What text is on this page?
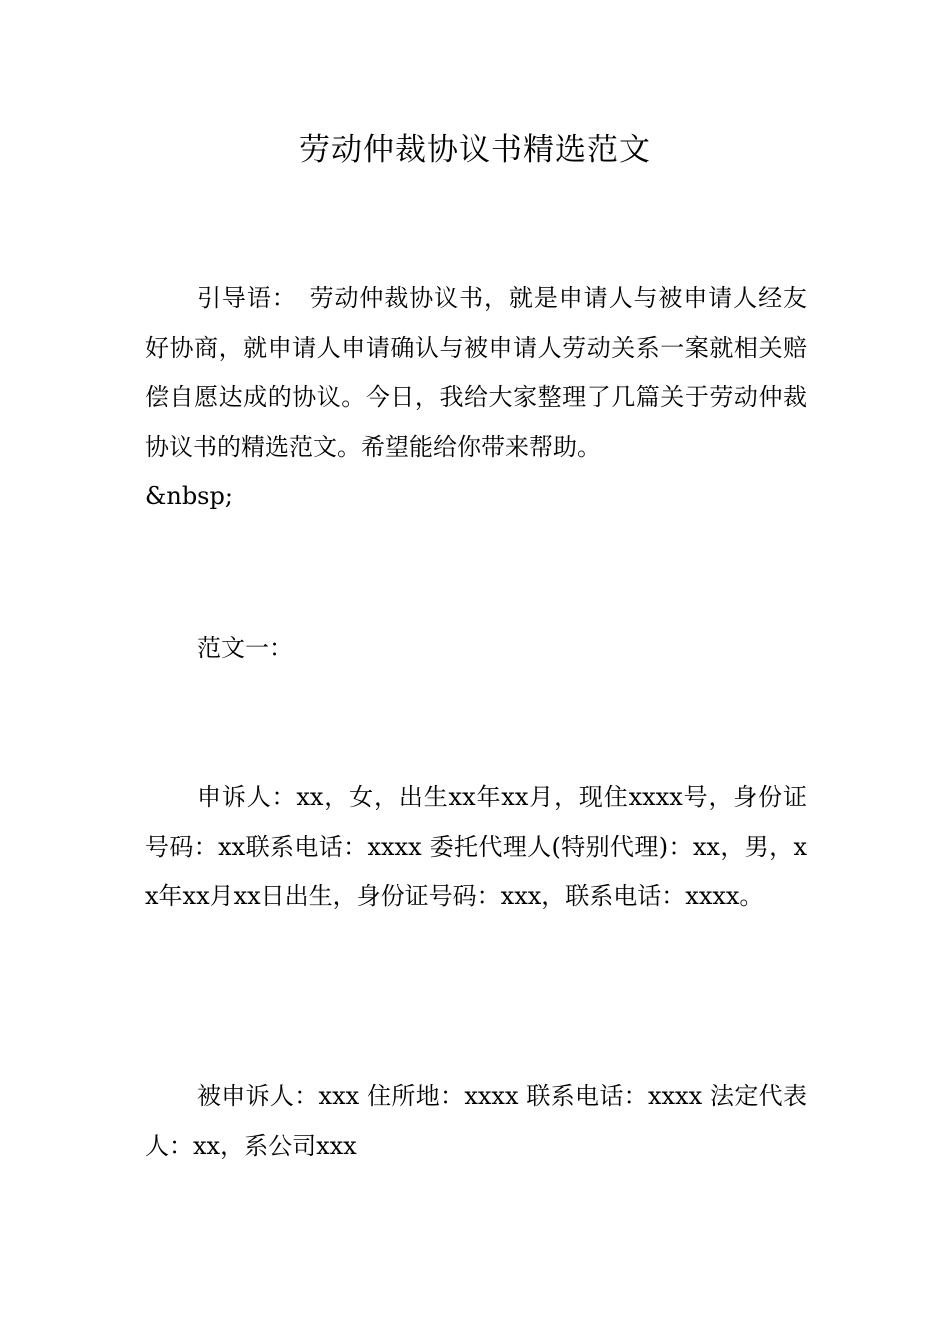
劳动仲裁协议书精选范文
引导语：　劳动仲裁协议书，就是申请人与被申请人经友好协商，就申请人申请确认与被申请人劳动关系一案就相关赔偿自愿达成的协议。今日，我给大家整理了几篇关于劳动仲裁协议书的精选范文。希望能给你带来帮助。
&nbsp;
范文一：
申诉人：xx，女，出生xx年xx月，现住xxxx号，身份证号码：xx联系电话：xxxx 委托代理人(特别代理)：xx，男，xx年xx月xx日出生，身份证号码：xxx，联系电话：xxxx。
被申诉人：xxx 住所地：xxxx 联系电话：xxxx 法定代表人：xx，系公司xxx
